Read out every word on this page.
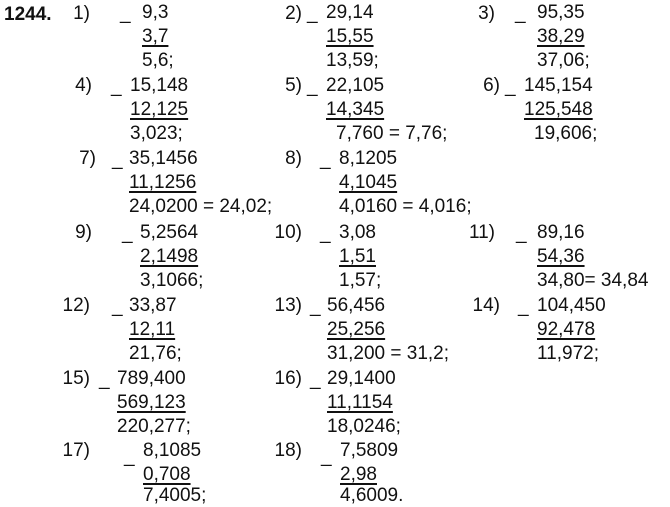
1244.	1) _ 9,3
3,7
5,6;
2) _ 29,14
15,55
13,59;
3) _ 95,35
38,29
37,06;
4) _ 15,148
12,125
3,023;
5) _ 22,105
14,345
7,760 = 7,76;
6) _ 145,154
125,548
19,606;
7) _ 35,1456
11,1256
24,0200 = 24,02;
8) _ 8,1205
4,1045
4,0160 = 4,016;
9) _ 5,2564
2,1498
3,1066;
10) _ 3,08
1,51
1,57;
11) _ 89,16
54,36
34,80= 34,84
12) _ 33,87
12,11
21,76;
13) _ 56,456
25,256
31,200 = 31,2;
14) _ 104,450
92,478
11,972;
15) _ 789,400
569,123
220,277;
16) _ 29,1400
11,1154
18,0246;
17) _ 8,1085
0,708
7,4005;
18) _ 7,5809
2,98
4,6009.
